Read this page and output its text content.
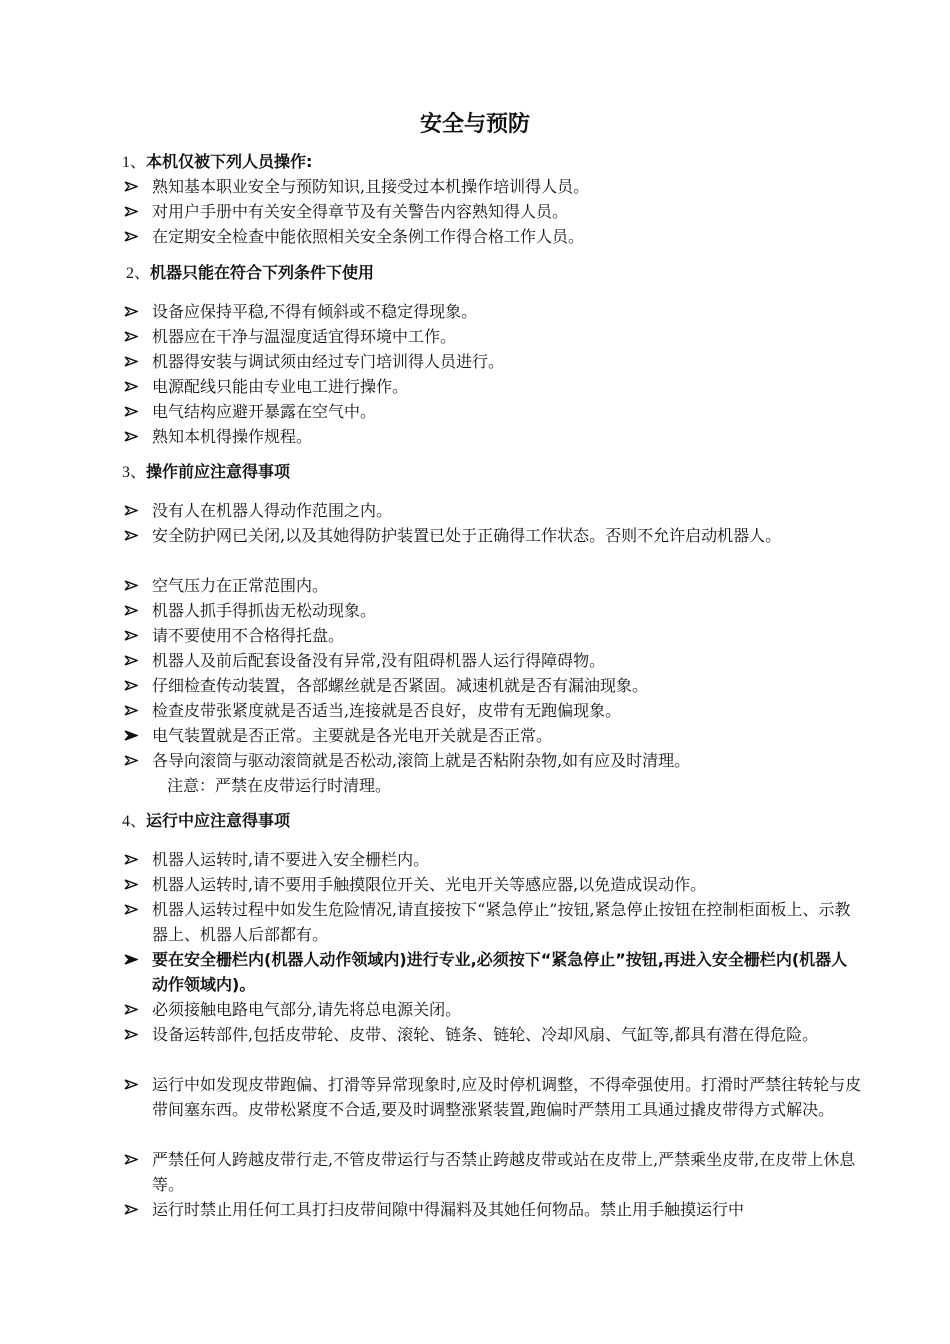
安全与预防
1、本机仅被下列人员操作:
熟知基本职业安全与预防知识,且接受过本机操作培训得人员。
对用户手册中有关安全得章节及有关警告内容熟知得人员。
在定期安全检查中能依照相关安全条例工作得合格工作人员。
2、机器只能在符合下列条件下使用
设备应保持平稳,不得有倾斜或不稳定得现象。
机器应在干净与温湿度适宜得环境中工作。
机器得安装与调试须由经过专门培训得人员进行。
电源配线只能由专业电工进行操作。
电气结构应避开暴露在空气中。
熟知本机得操作规程。
3、操作前应注意得事项
没有人在机器人得动作范围之内。
安全防护网已关闭,以及其她得防护装置已处于正确得工作状态。否则不允许启动机器人。
空气压力在正常范围内。
机器人抓手得抓齿无松动现象。
请不要使用不合格得托盘。
机器人及前后配套设备没有异常,没有阻碍机器人运行得障碍物。
仔细检查传动装置，各部螺丝就是否紧固。减速机就是否有漏油现象。
检查皮带张紧度就是否适当,连接就是否良好，皮带有无跑偏现象。
电气装置就是否正常。主要就是各光电开关就是否正常。
各导向滚筒与驱动滚筒就是否松动,滚筒上就是否粘附杂物,如有应及时清理。
注意：严禁在皮带运行时清理。
4、运行中应注意得事项
机器人运转时,请不要进入安全栅栏内。
机器人运转时,请不要用手触摸限位开关、光电开关等感应器,以免造成误动作。
机器人运转过程中如发生危险情况,请直接按下“紧急停止”按钮,紧急停止按钮在控制柜面板上、示教器上、机器人后部都有。
要在安全栅栏内(机器人动作领域内)进行专业,必须按下“紧急停止”按钮,再进入安全栅栏内(机器人动作领域内)。
必须接触电路电气部分,请先将总电源关闭。
设备运转部件,包括皮带轮、皮带、滚轮、链条、链轮、冷却风扇、气缸等,都具有潜在得危险。
运行中如发现皮带跑偏、打滑等异常现象时,应及时停机调整，不得牵强使用。打滑时严禁往转轮与皮带间塞东西。皮带松紧度不合适,要及时调整涨紧装置,跑偏时严禁用工具通过撬皮带得方式解决。
严禁任何人跨越皮带行走,不管皮带运行与否禁止跨越皮带或站在皮带上,严禁乘坐皮带,在皮带上休息等。
运行时禁止用任何工具打扫皮带间隙中得漏料及其她任何物品。禁止用手触摸运行中
